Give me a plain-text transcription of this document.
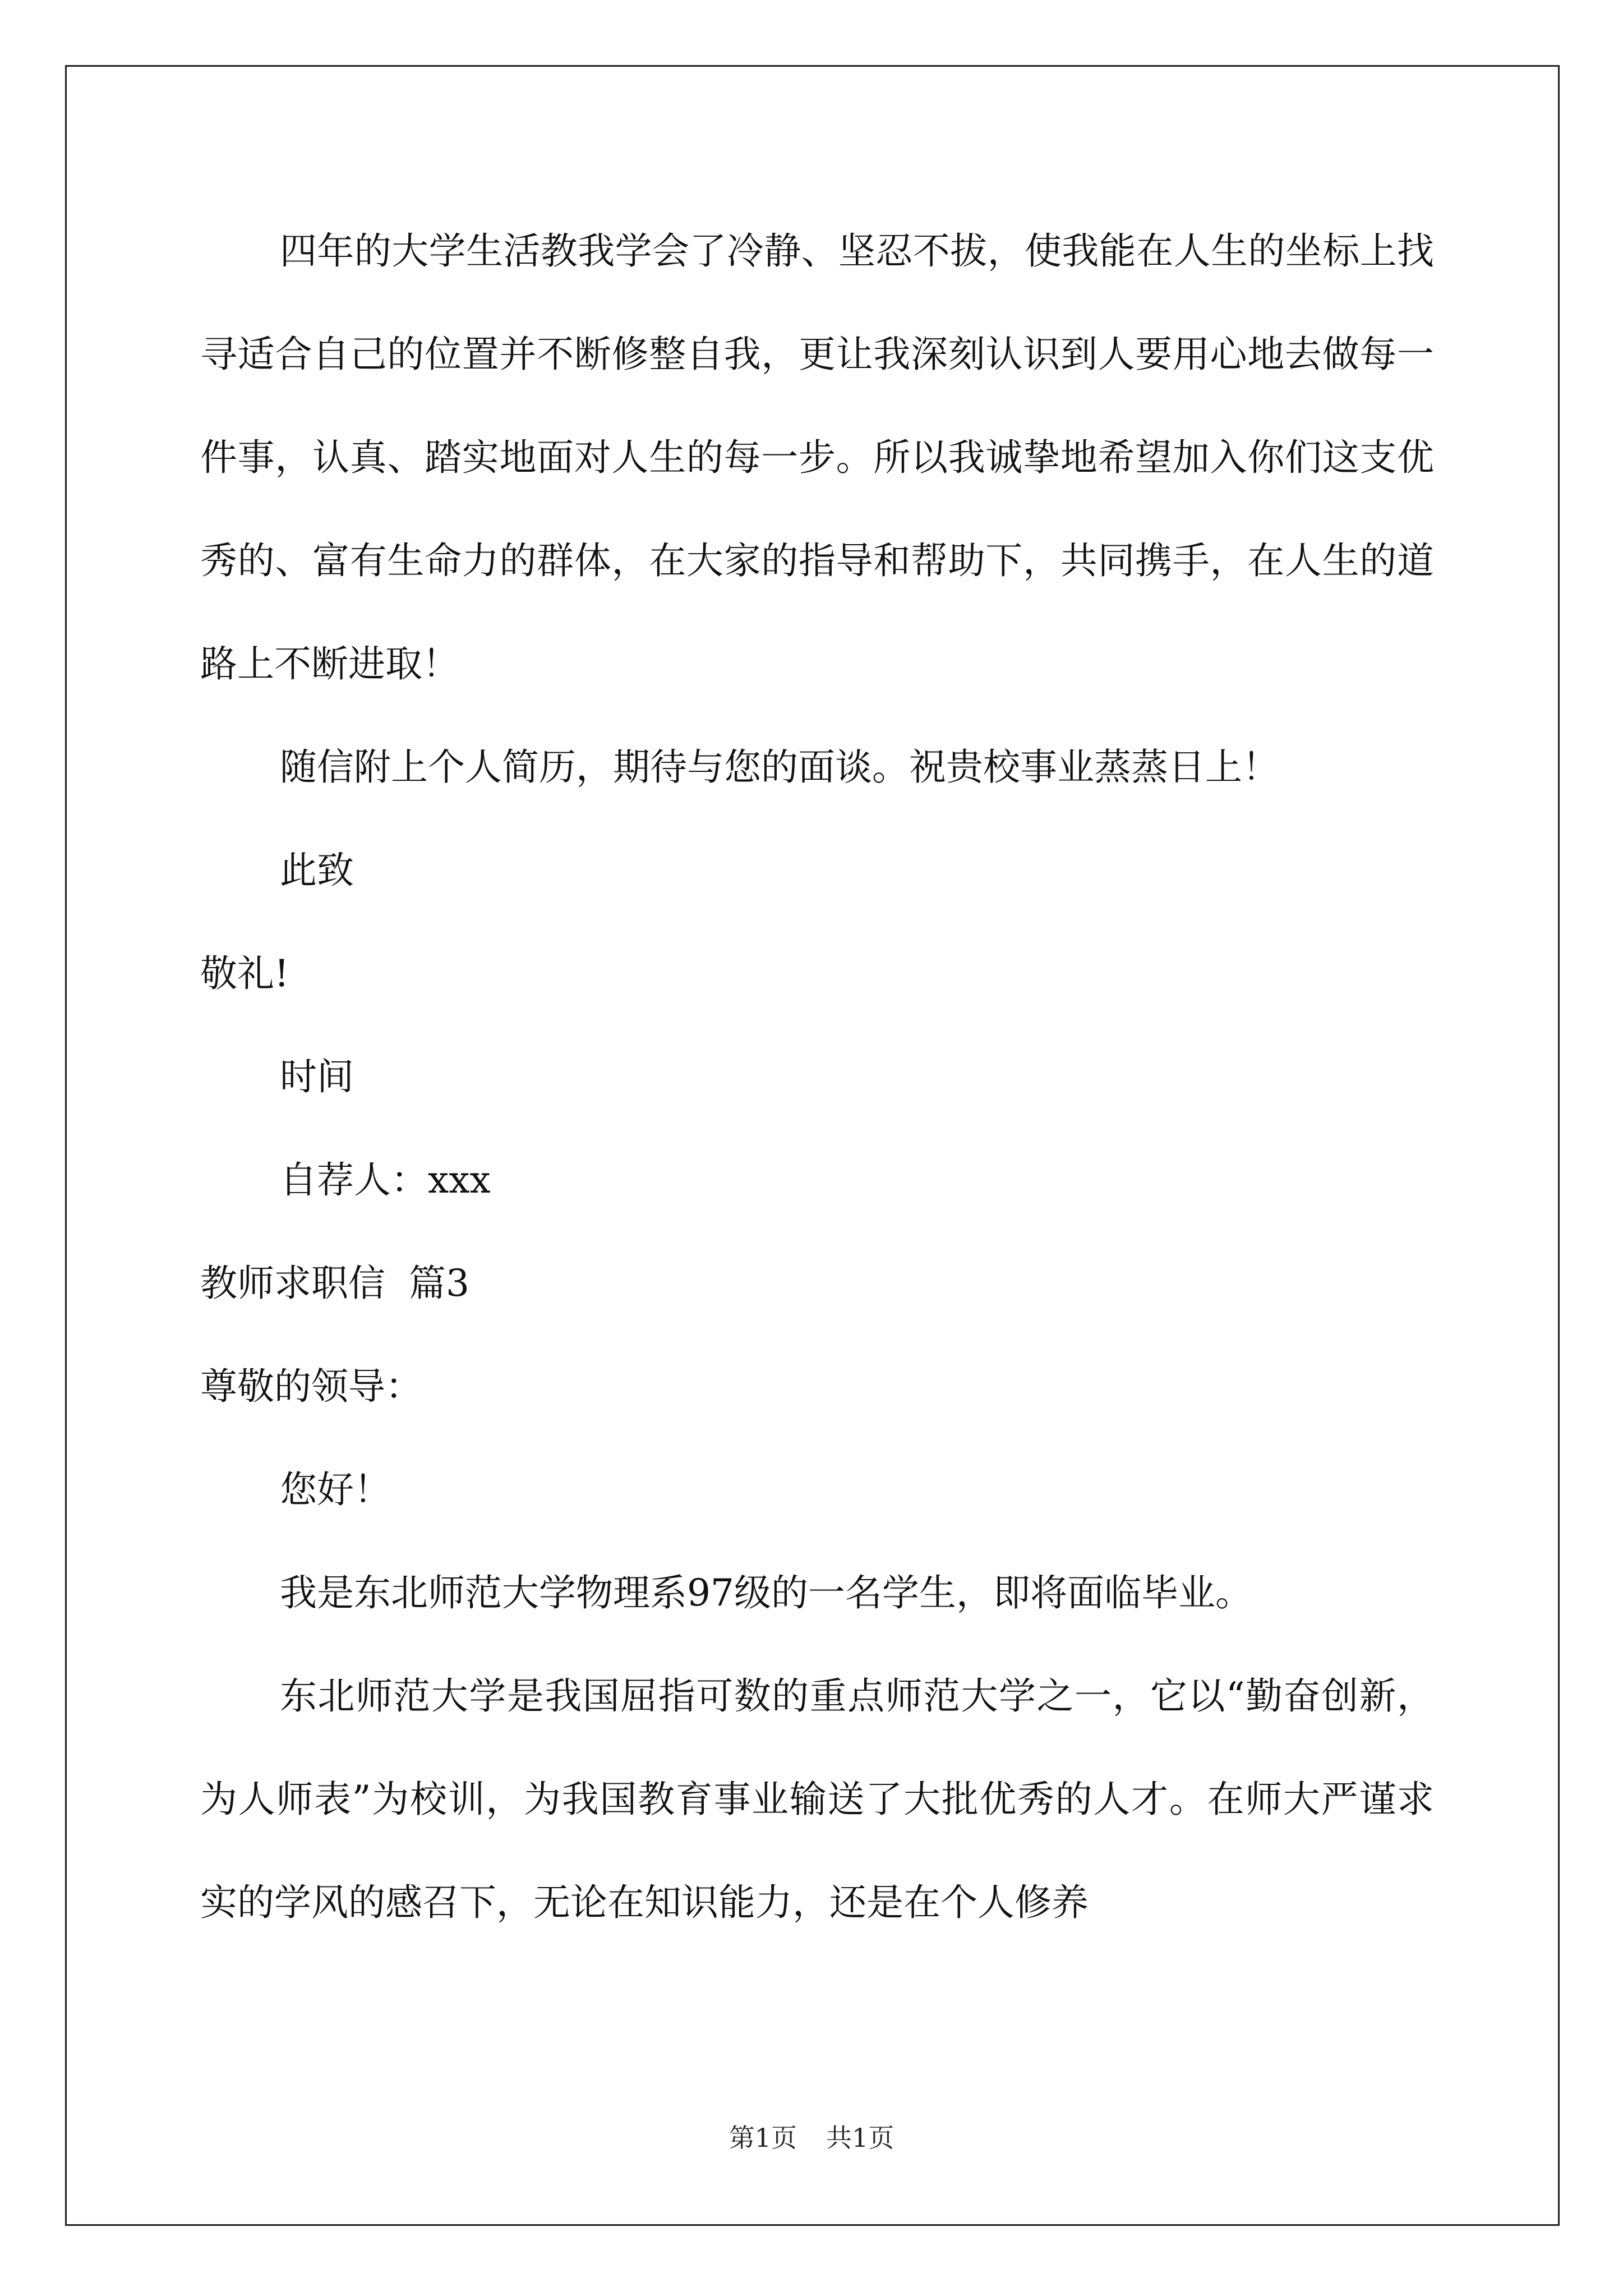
四年的大学生活教我学会了冷静、坚忍不拔，使我能在人生的坐标上找寻适合自己的位置并不断修整自我，更让我深刻认识到人要用心地去做每一件事，认真、踏实地面对人生的每一步。所以我诚挚地希望加入你们这支优秀的、富有生命力的群体，在大家的指导和帮助下，共同携手，在人生的道路上不断进取！

随信附上个人简历，期待与您的面谈。祝贵校事业蒸蒸日上！

此致

敬礼!

时间

自荐人：xxx

教师求职信  篇3

尊敬的领导：

您好！

我是东北师范大学物理系97级的一名学生，即将面临毕业。

东北师范大学是我国屈指可数的重点师范大学之一，它以“勤奋创新，为人师表”为校训，为我国教育事业输送了大批优秀的人才。在师大严谨求实的学风的感召下，无论在知识能力，还是在个人修养

第1页 共1页
